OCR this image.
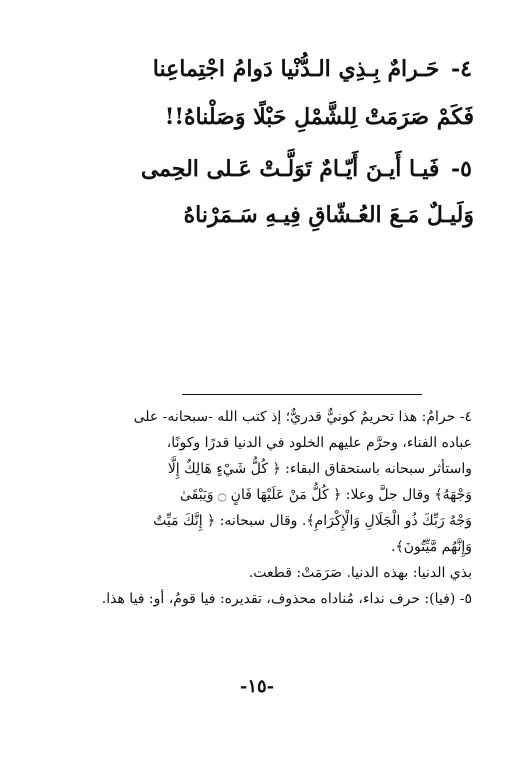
٤- حَـرامٌ بِـذِي الـدُّنْيا دَوامُ اجْتِماعِنا
فَكَمْ صَرَمَتْ لِلشَّمْلِ حَبْلًا وَصَلْناهُ!!
٥- فَيـا أَيـنَ أَيّـامٌ تَوَلَّـتْ عَـلى الحِمى
وَلَيـلٌ مَـعَ العُـشّاقِ فِيـهِ سَـمَرْناهُ
٤- حرامٌ: هذا تحريمٌ كونيٌّ قدريٌّ؛ إذ كتب الله -سبحانه- على
عباده الفناء، وحرَّم عليهم الخلود في الدنيا قدرًا وكونًا،
واستأثر سبحانه باستحقاق البقاء: ﴿ كُلُّ شَيْءٍ هَالِكٌ إِلَّا
وَجْهَهُ﴾ وقال جلَّ وعلا: ﴿ كُلُّ مَنْ عَلَيْهَا فَانٍ ۝ وَيَبْقَىٰ
وَجْهُ رَبِّكَ ذُو الْجَلَالِ وَالْإِكْرَامِ﴾. وقال سبحانه: ﴿ إِنَّكَ مَيِّتٌ
وَإِنَّهُم مَّيِّتُونَ﴾.
بذي الدنيا: بهذه الدنيا. صَرَمَتْ: قطعت.
٥- (فيا): حرف نداء، مُناداه محذوف، تقديره: فيا قومُ، أو: فيا هذا.
-١٥-
